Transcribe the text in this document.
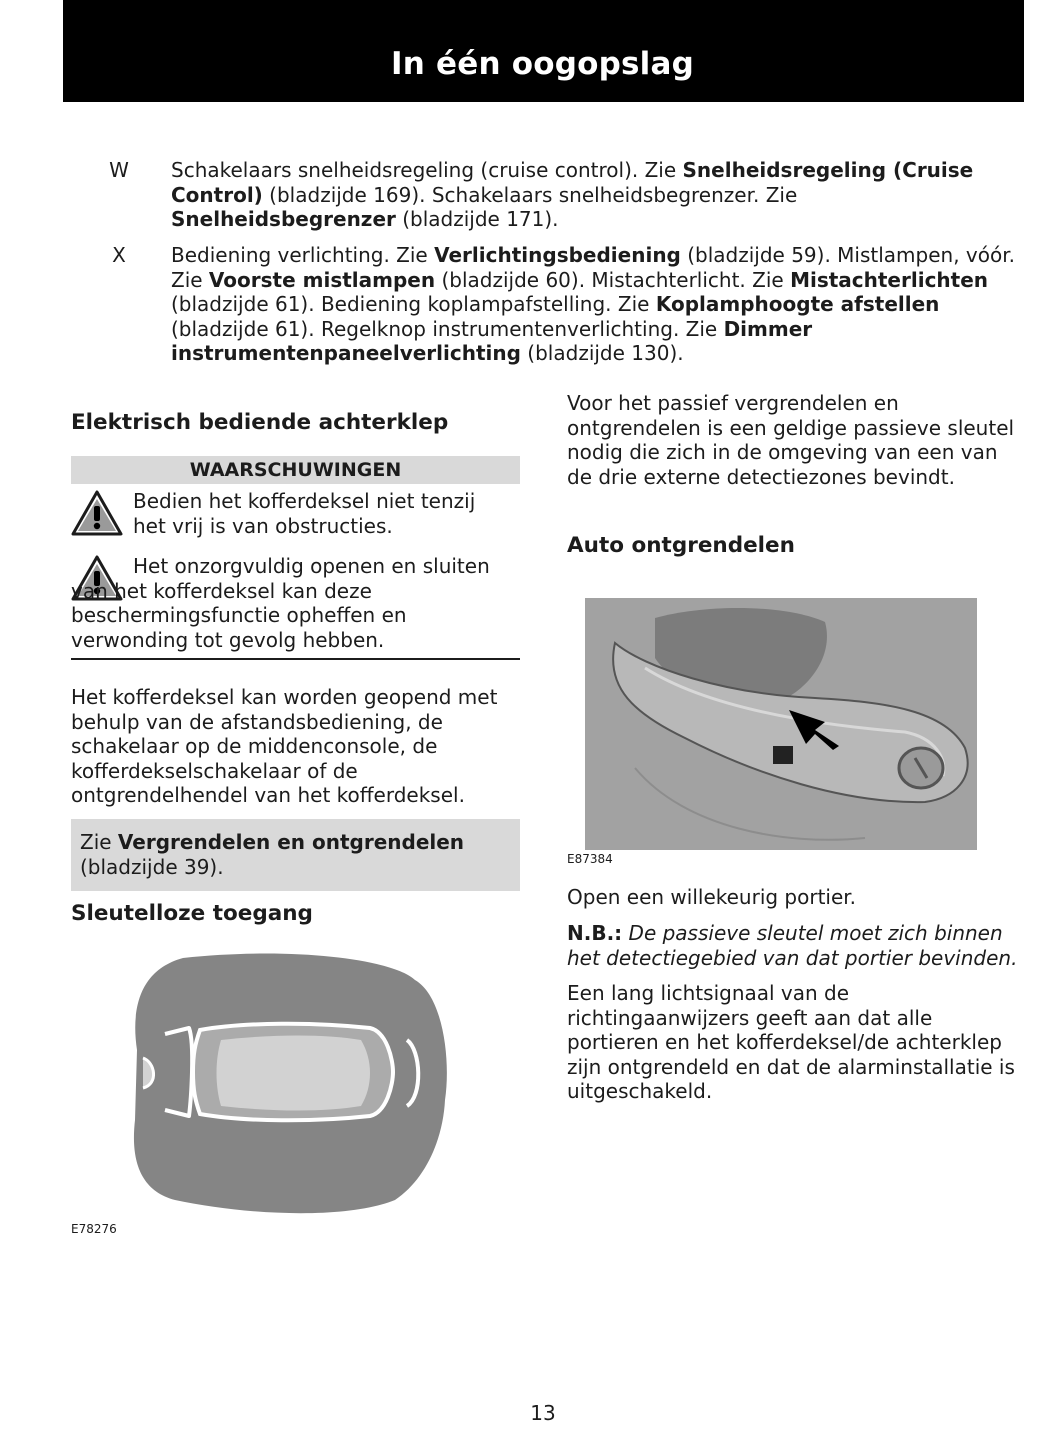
In één oogopslag
W Schakelaars snelheidsregeling (cruise control). Zie Snelheidsregeling (Cruise Control) (bladzijde 169). Schakelaars snelheidsbegrenzer. Zie Snelheidsbegrenzer (bladzijde 171).
X Bediening verlichting. Zie Verlichtingsbediening (bladzijde 59). Mistlampen, vóór. Zie Voorste mistlampen (bladzijde 60). Mistachterlicht. Zie Mistachterlichten (bladzijde 61). Bediening koplampafstelling. Zie Koplamphoogte afstellen (bladzijde 61). Regelknop instrumentenverlichting. Zie Dimmer instrumentenpaneelverlichting (bladzijde 130).
Elektrisch bediende achterklep
WAARSCHUWINGEN
Bedien het kofferdeksel niet tenzij het vrij is van obstructies.
Het onzorgvuldig openen en sluiten van het kofferdeksel kan deze beschermingsfunctie opheffen en verwonding tot gevolg hebben.

Het kofferdeksel kan worden geopend met behulp van de afstandsbediening, de schakelaar op de middenconsole, de kofferdekselschakelaar of de ontgrendelhendel van het kofferdeksel.

Zie Vergrendelen en ontgrendelen (bladzijde 39).

Sleutelloze toegang
E78276

Voor het passief vergrendelen en ontgrendelen is een geldige passieve sleutel nodig die zich in de omgeving van een van de drie externe detectiezones bevindt.

Auto ontgrendelen
E87384

Open een willekeurig portier.

N.B.: De passieve sleutel moet zich binnen het detectiegebied van dat portier bevinden.

Een lang lichtsignaal van de richtingaanwijzers geeft aan dat alle portieren en het kofferdeksel/de achterklep zijn ontgrendeld en dat de alarminstallatie is uitgeschakeld.

13
